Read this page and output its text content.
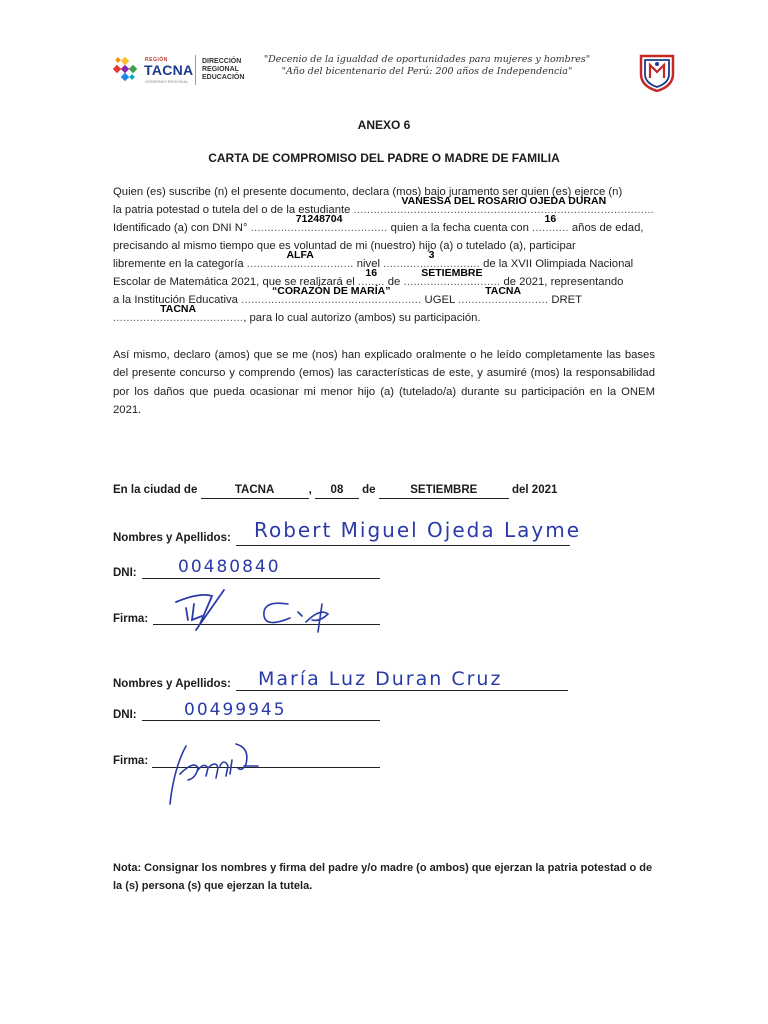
REGIÓN
TACNA
GOBIERNO REGIONAL
DIRECCIÓN
REGIONAL
EDUCACIÓN
"Decenio de la igualdad de oportunidades para mujeres y hombres"
"Año del bicentenario del Perú: 200 años de Independencia"
ANEXO 6
CARTA DE COMPROMISO DEL PADRE O MADRE DE FAMILIA
Quien (es) suscribe (n) el presente documento, declara (mos) bajo juramento ser quien (es) ejerce (n)
la patria potestad o tutela del o de la estudiante ..........................................................................................
VANESSA DEL ROSARIO OJEDA DURAN
Identificado (a) con DNI N° .........................................
71248704
quien a la fecha cuenta con ...........
16
años de edad,
precisando al mismo tiempo que es voluntad de mi (nuestro) hijo (a) o tutelado (a), participar
libremente en la categoría ................................
ALFA
nivel .............................
3
de la XVII Olimpiada Nacional
Escolar de Matemática 2021, que se realizará el ........
16
de .............................
SETIEMBRE
de 2021, representando
a la Institución Educativa ......................................................
“CORAZÓN DE MARÍA”
UGEL ...........................
TACNA
DRET
.......................................
TACNA
, para lo cual autorizo (ambos) su participación.
Así mismo, declaro (amos) que se me (nos) han explicado oralmente o he leído completamente las bases del presente concurso y comprendo (emos) las características de este, y asumiré (mos) la responsabilidad por los daños que pueda ocasionar mi menor hijo (a) (tutelado/a) durante su participación en la ONEM 2021.
En la ciudad de	TACNA	, 08 de	SETIEMBRE	del 2021
Nombres y Apellidos: Robert Miguel Ojeda Layme
DNI: 00480840
Firma:
Nombres y Apellidos: María Luz Duran Cruz
DNI:	00499945
Firma:
Nota: Consignar los nombres y firma del padre y/o madre (o ambos) que ejerzan la patria potestad o de la (s) persona (s) que ejerzan la tutela.
